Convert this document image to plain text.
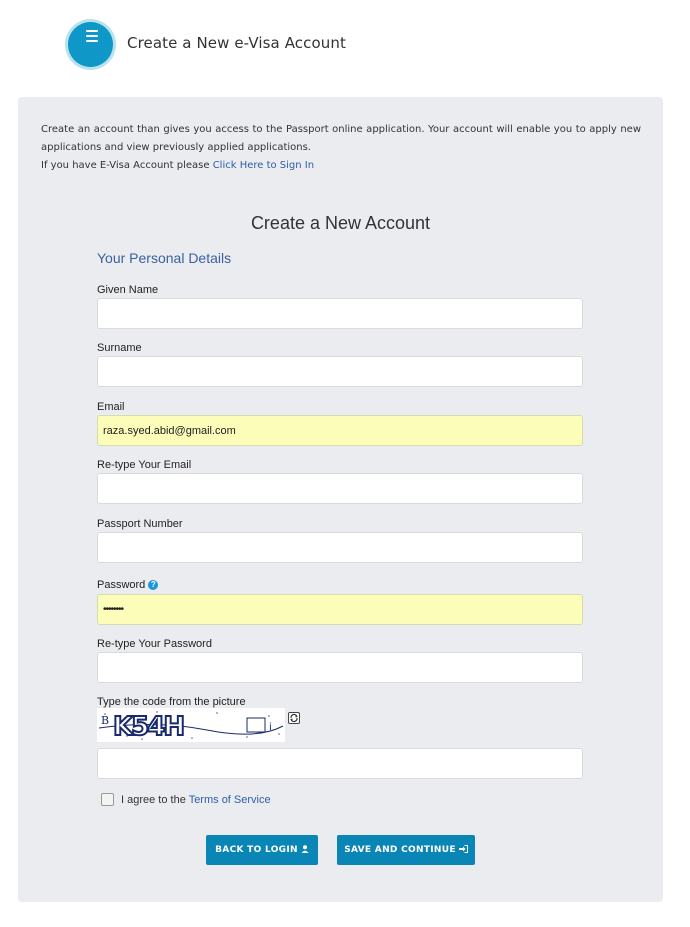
Create a New e-Visa Account
Create an account than gives you access to the Passport online application. Your account will enable you to apply new applications and view previously applied applications.
If you have E-Visa Account please Click Here to Sign In
Create a New Account
Your Personal Details
Given Name
Surname
Email
raza.syed.abid@gmail.com
Re-type Your Email
Passport Number
Password ?
••••••••
Re-type Your Password
Type the code from the picture
B K54H	i
I agree to the Terms of Service
BACK TO LOGIN	SAVE AND CONTINUE
